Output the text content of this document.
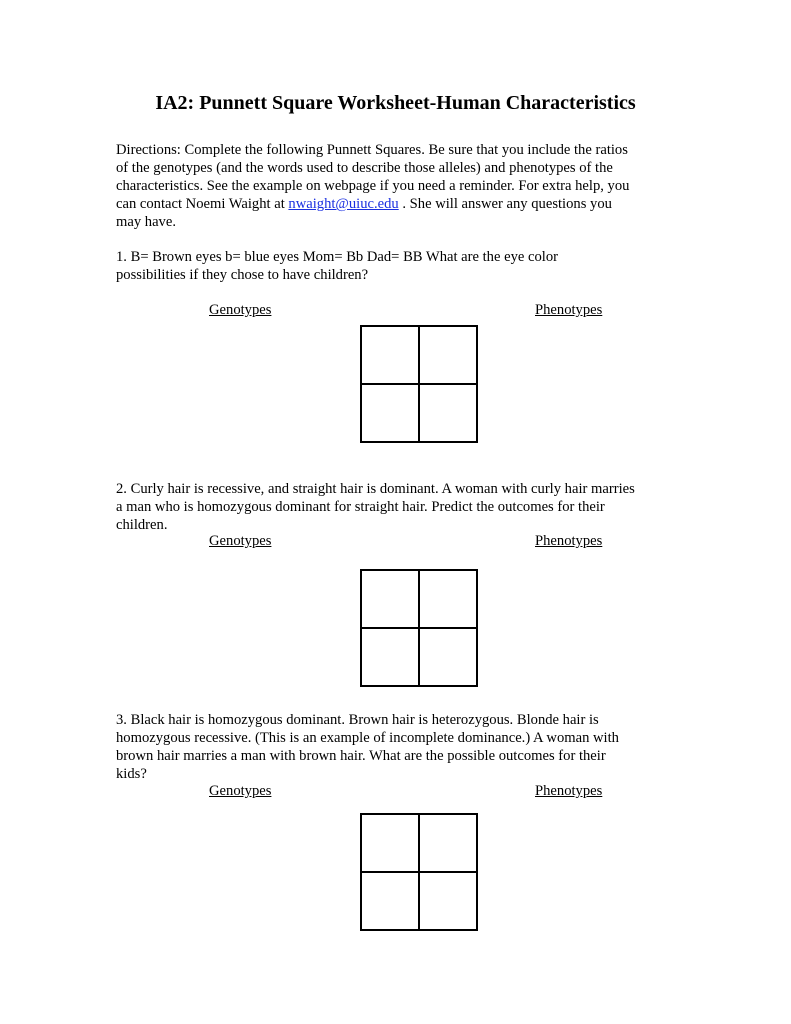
IA2: Punnett Square Worksheet-Human Characteristics
Directions: Complete the following Punnett Squares. Be sure that you include the ratios
of the genotypes (and the words used to describe those alleles) and phenotypes of the
characteristics. See the example on webpage if you need a reminder. For extra help, you
can contact Noemi Waight at nwaight@uiuc.edu . She will answer any questions you
may have.
1. B= Brown eyes b= blue eyes Mom= Bb Dad= BB What are the eye color
possibilities if they chose to have children?
Genotypes	Phenotypes
2. Curly hair is recessive, and straight hair is dominant. A woman with curly hair marries
a man who is homozygous dominant for straight hair. Predict the outcomes for their
children.
Genotypes	Phenotypes
3. Black hair is homozygous dominant. Brown hair is heterozygous. Blonde hair is
homozygous recessive. (This is an example of incomplete dominance.) A woman with
brown hair marries a man with brown hair. What are the possible outcomes for their
kids?
Genotypes	Phenotypes
